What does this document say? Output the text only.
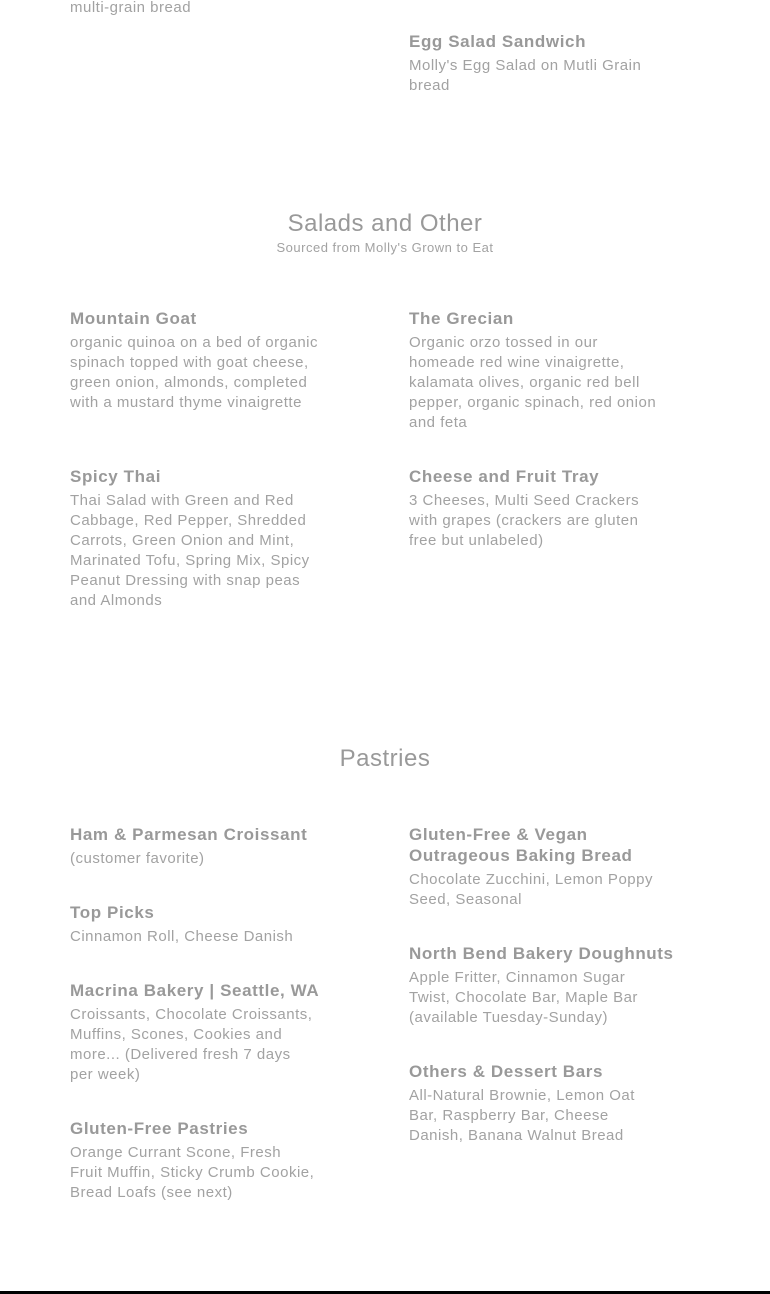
multi-grain bread
Egg Salad Sandwich
Molly's Egg Salad on Mutli Grain bread
Salads and Other

Sourced from Molly's Grown to Eat

Mountain Goat
organic quinoa on a bed of organic spinach topped with goat cheese, green onion, almonds, completed with a mustard thyme vinaigrette
The Grecian
Organic orzo tossed in our homeade red wine vinaigrette, kalamata olives, organic red bell pepper, organic spinach, red onion and feta
Spicy Thai
Thai Salad with Green and Red Cabbage, Red Pepper, Shredded Carrots, Green Onion and Mint, Marinated Tofu, Spring Mix, Spicy Peanut Dressing with snap peas and Almonds
Cheese and Fruit Tray
3 Cheeses, Multi Seed Crackers with grapes (crackers are gluten free but unlabeled)
Pastries
Ham & Parmesan Croissant
(customer favorite)
Top Picks
Cinnamon Roll, Cheese Danish
Macrina Bakery | Seattle, WA
Croissants, Chocolate Croissants, Muffins, Scones, Cookies and more... (Delivered fresh 7 days per week)
Gluten-Free Pastries
Orange Currant Scone, Fresh Fruit Muffin, Sticky Crumb Cookie, Bread Loafs (see next)
Gluten-Free & Vegan Outrageous Baking Bread
Chocolate Zucchini, Lemon Poppy Seed, Seasonal
North Bend Bakery Doughnuts
Apple Fritter, Cinnamon Sugar Twist, Chocolate Bar, Maple Bar (available Tuesday-Sunday)
Others & Dessert Bars
All-Natural Brownie, Lemon Oat Bar, Raspberry Bar, Cheese Danish, Banana Walnut Bread
